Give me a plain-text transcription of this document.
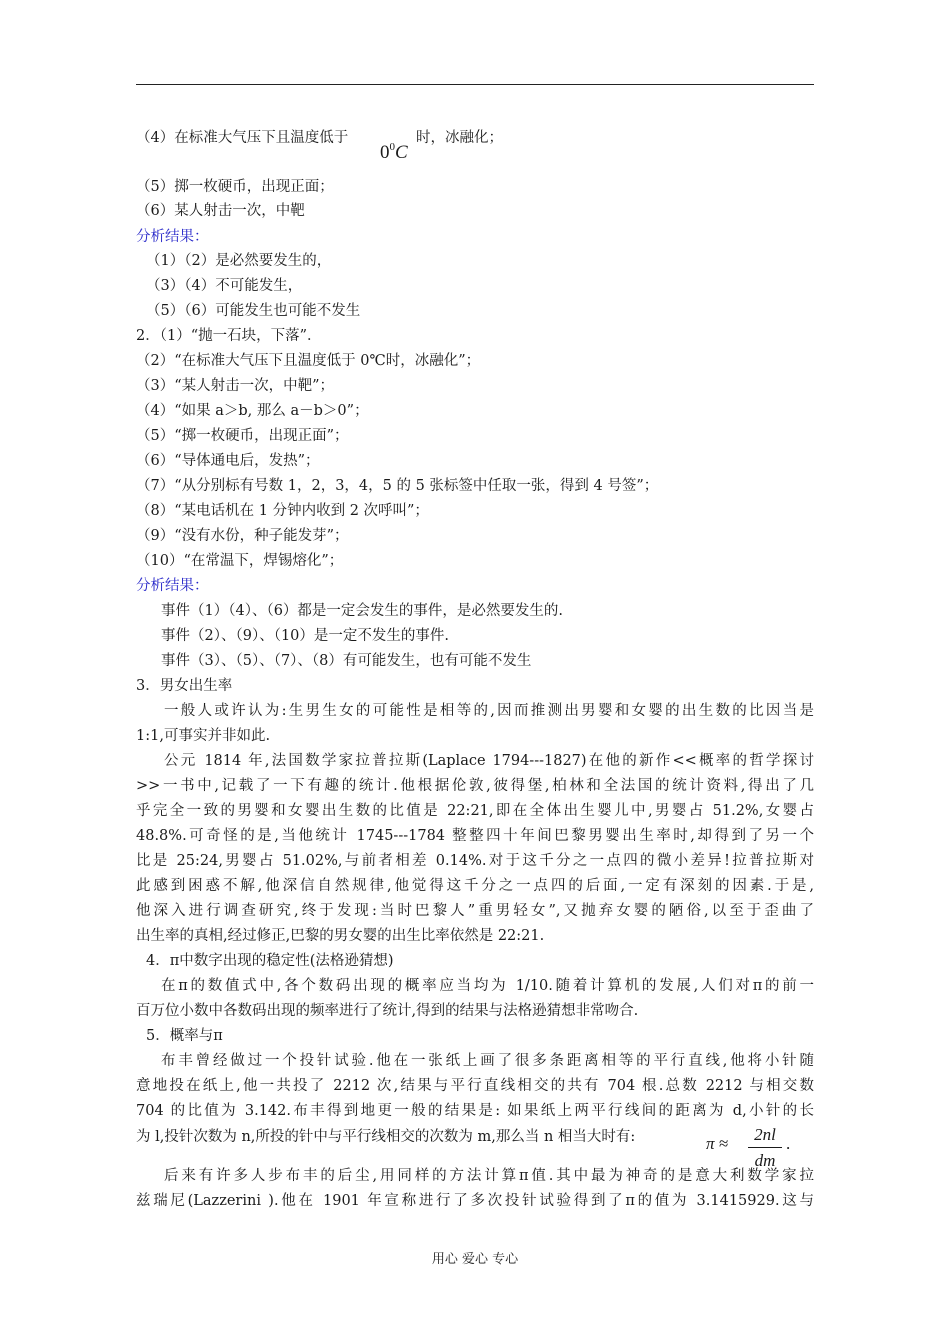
（4）在标准大气压下且温度低于
$0^0C$
时，冰融化；
（5）掷一枚硬币，出现正面；
（6）某人射击一次，中靶
分析结果：
（1）（2）是必然要发生的，
（3）（4）不可能发生，
（5）（6）可能发生也可能不发生
2．（1）“抛一石块，下落”．
（2）“在标准大气压下且温度低于 0℃时，冰融化”；
（3）“某人射击一次，中靶”；
（4）“如果 a＞b, 那么 a－b＞0”；
（5）“掷一枚硬币，出现正面”；
（6）“导体通电后，发热”；
（7）“从分别标有号数 1，2，3，4，5 的 5 张标签中任取一张，得到 4 号签”；
（8）“某电话机在 1 分钟内收到 2 次呼叫”；
（9）“没有水份，种子能发芽”；
（10）“在常温下，焊锡熔化”；
分析结果：
事件（1）（4）、（6）都是一定会发生的事件，是必然要发生的.
事件（2）、（9）、（10）是一定不发生的事件.
事件（3）、（5）、（7）、（8）有可能发生，也有可能不发生
3．男女出生率
一般人或许认为:生男生女的可能性是相等的,因而推测出男婴和女婴的出生数的比因当是
1:1,可事实并非如此.
公元 1814 年,法国数学家拉普拉斯(Laplace 1794---1827)在他的新作<<概率的哲学探讨
>>一书中,记载了一下有趣的统计.他根据伦敦,彼得堡,柏林和全法国的统计资料,得出了几
乎完全一致的男婴和女婴出生数的比值是 22:21,即在全体出生婴儿中,男婴占 51.2%,女婴占
48.8%.可奇怪的是,当他统计 1745---1784 整整四十年间巴黎男婴出生率时,却得到了另一个
比是 25:24,男婴占 51.02%,与前者相差 0.14%.对于这千分之一点四的微小差异!拉普拉斯对
此感到困惑不解,他深信自然规律,他觉得这千分之一点四的后面,一定有深刻的因素.于是,
他深入进行调查研究,终于发现:当时巴黎人”重男轻女”,又抛弃女婴的陋俗,以至于歪曲了
出生率的真相,经过修正,巴黎的男女婴的出生比率依然是 22:21.
4．π中数字出现的稳定性(法格逊猜想)
在π的数值式中,各个数码出现的概率应当均为 1/10.随着计算机的发展,人们对π的前一
百万位小数中各数码出现的频率进行了统计,得到的结果与法格逊猜想非常吻合.
5．概率与π
布丰曾经做过一个投针试验.他在一张纸上画了很多条距离相等的平行直线,他将小针随
意地投在纸上,他一共投了 2212 次,结果与平行直线相交的共有 704 根.总数 2212 与相交数
704 的比值为 3.142.布丰得到地更一般的结果是: 如果纸上两平行线间的距离为 d,小针的长
为 l,投针次数为 n,所投的针中与平行线相交的次数为 m,那么当 n 相当大时有:	π ≈	2nl
dm
.
后来有许多人步布丰的后尘,用同样的方法计算π值.其中最为神奇的是意大利数学家拉
兹瑞尼(Lazzerini ).他在 1901 年宣称进行了多次投针试验得到了π的值为 3.1415929.这与
用心 爱心 专心
